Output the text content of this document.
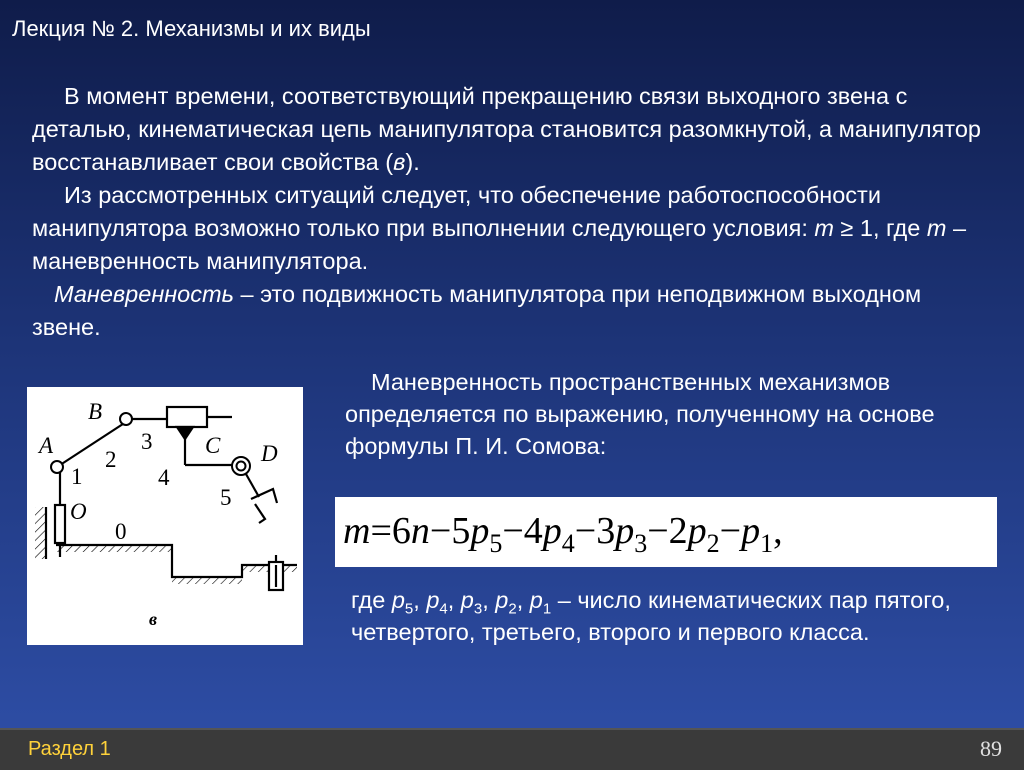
Лекция № 2. Механизмы и их виды

В момент времени, соответствующий прекращению связи выходного звена с деталью, кинематическая цепь манипулятора становится разомкнутой, а манипулятор восстанавливает свои свойства (в).

Из рассмотренных ситуаций следует, что обеспечение работоспособности манипулятора возможно только при выполнении следующего условия: m ≥ 1, где m – маневренность манипулятора.

Маневренность – это подвижность манипулятора при неподвижном выходном звене.

A
B
C D
O
1
2
3
4
5
0
в

Маневренность пространственных механизмов определяется по выражению, полученному на основе формулы П. И. Сомова:

$m=6n-5p_5-4p_4-3p_3-2p_2-p_1$,
где $p_5$, $p_4$, $p_3$, $p_2$, $p_1$ – число кинематических пар пятого, четвертого, третьего, второго и первого класса.
Раздел 1	89
